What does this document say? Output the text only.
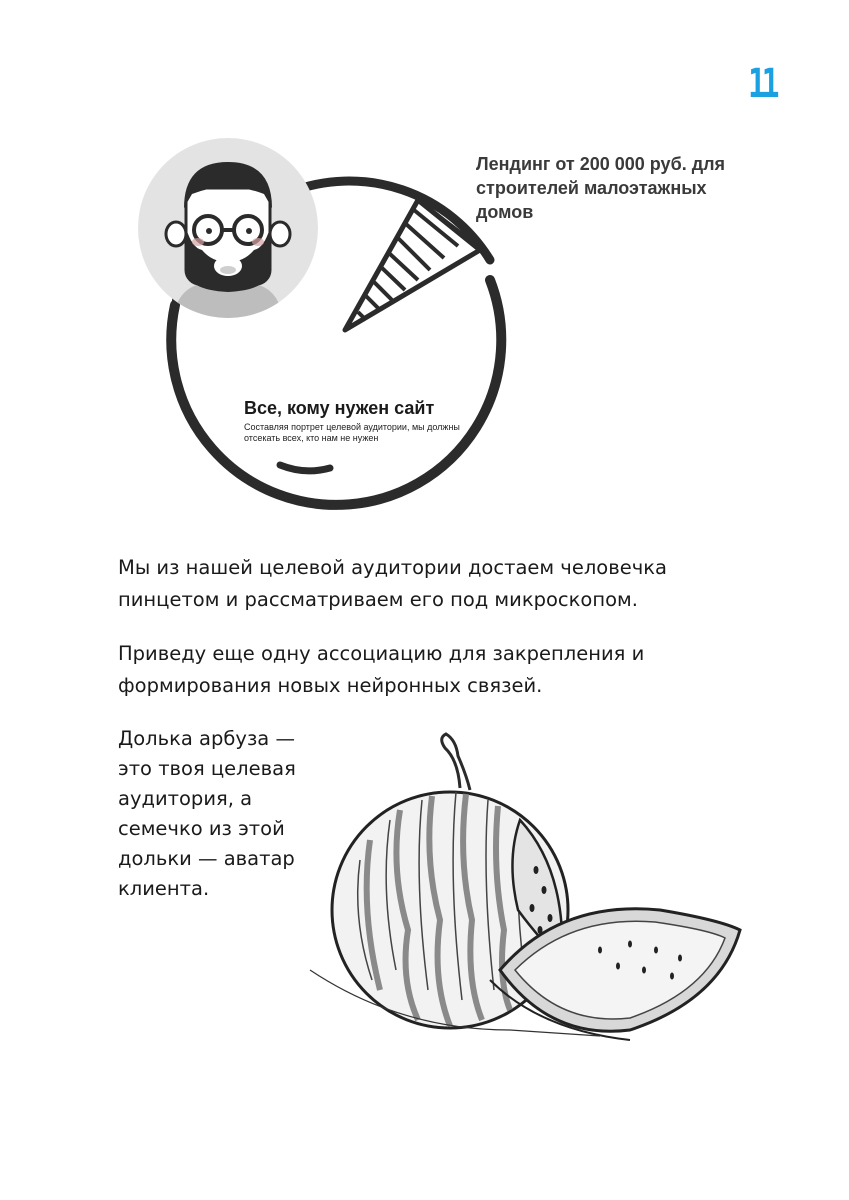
11
Лендинг от 200 000 руб. для строителей малоэтажных домов
Все, кому нужен сайт
Составляя портрет целевой аудитории, мы должны отсекать всех, кто нам не нужен

Мы из нашей целевой аудитории достаем человечка пинцетом и рассматриваем его под микроскопом.

Приведу еще одну ассоциацию для закрепления и формирования новых нейронных связей.

Долька арбуза — это твоя целевая аудитория, а семечко из этой дольки — аватар клиента.
